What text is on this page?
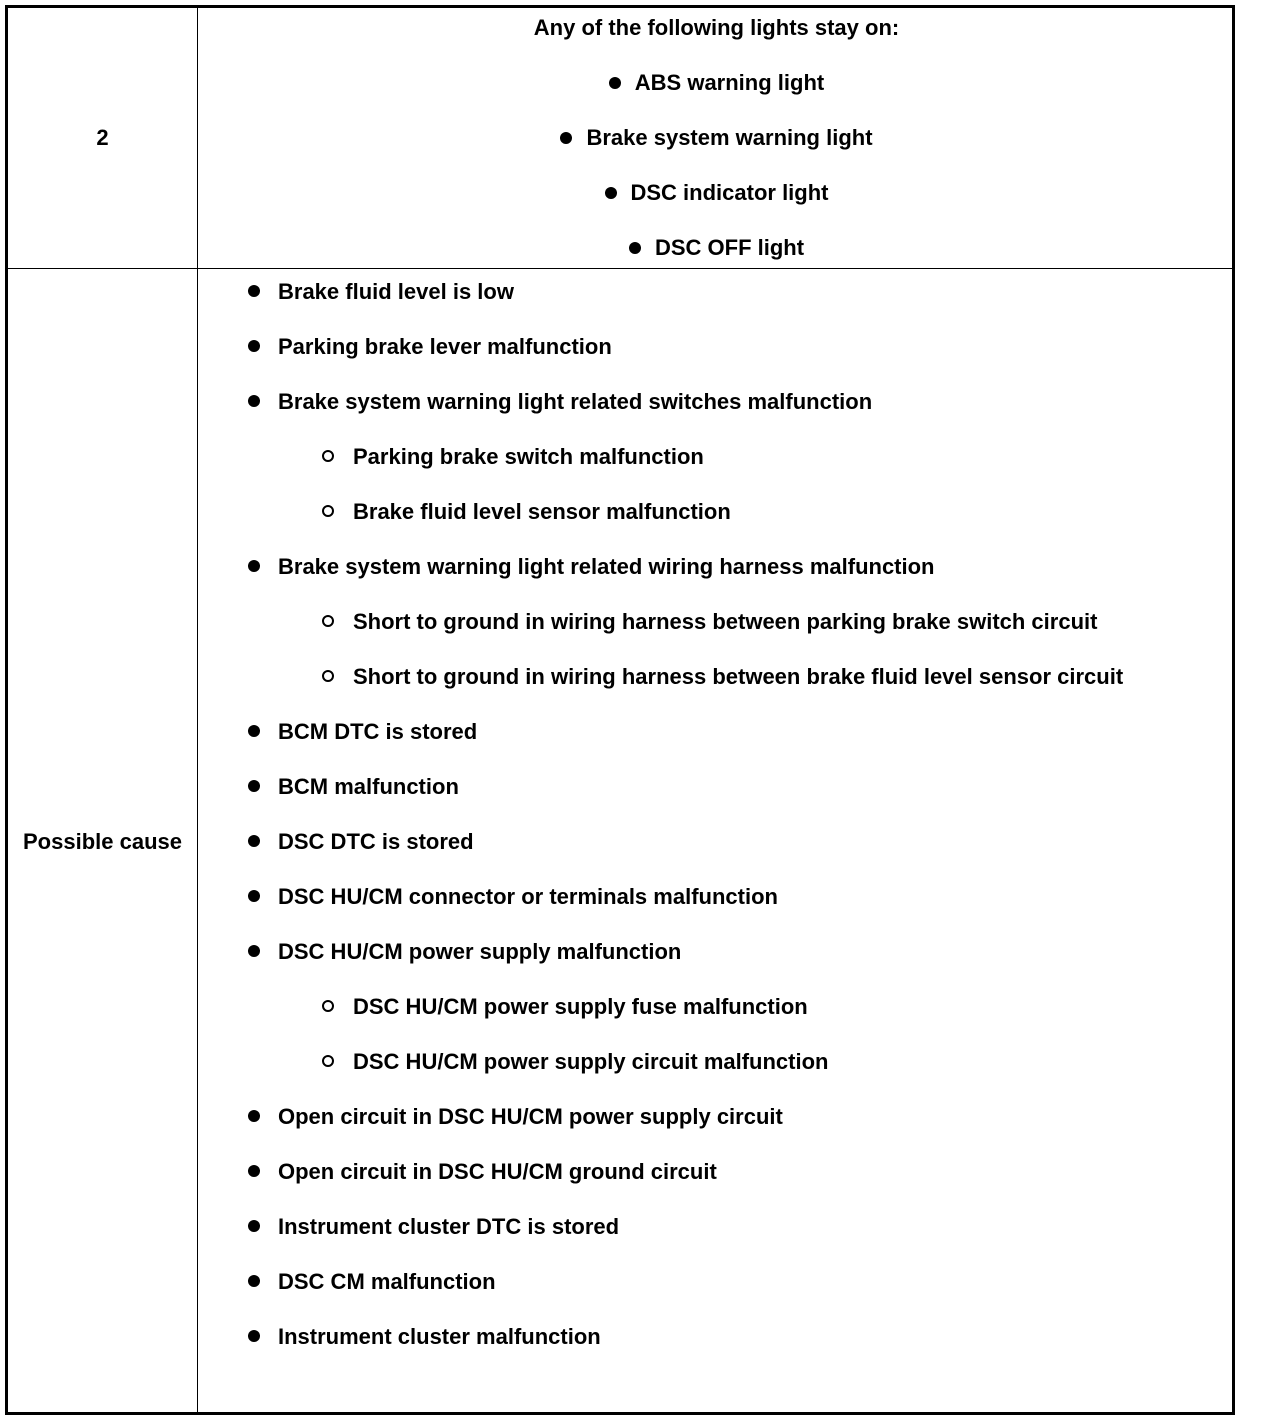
2
Any of the following lights stay on:
ABS warning light
Brake system warning light
DSC indicator light
DSC OFF light
Possible cause
Brake fluid level is low
Parking brake lever malfunction
Brake system warning light related switches malfunction
Parking brake switch malfunction
Brake fluid level sensor malfunction
Brake system warning light related wiring harness malfunction
Short to ground in wiring harness between parking brake switch circuit
Short to ground in wiring harness between brake fluid level sensor circuit
BCM DTC is stored
BCM malfunction
DSC DTC is stored
DSC HU/CM connector or terminals malfunction
DSC HU/CM power supply malfunction
DSC HU/CM power supply fuse malfunction
DSC HU/CM power supply circuit malfunction
Open circuit in DSC HU/CM power supply circuit
Open circuit in DSC HU/CM ground circuit
Instrument cluster DTC is stored
DSC CM malfunction
Instrument cluster malfunction
